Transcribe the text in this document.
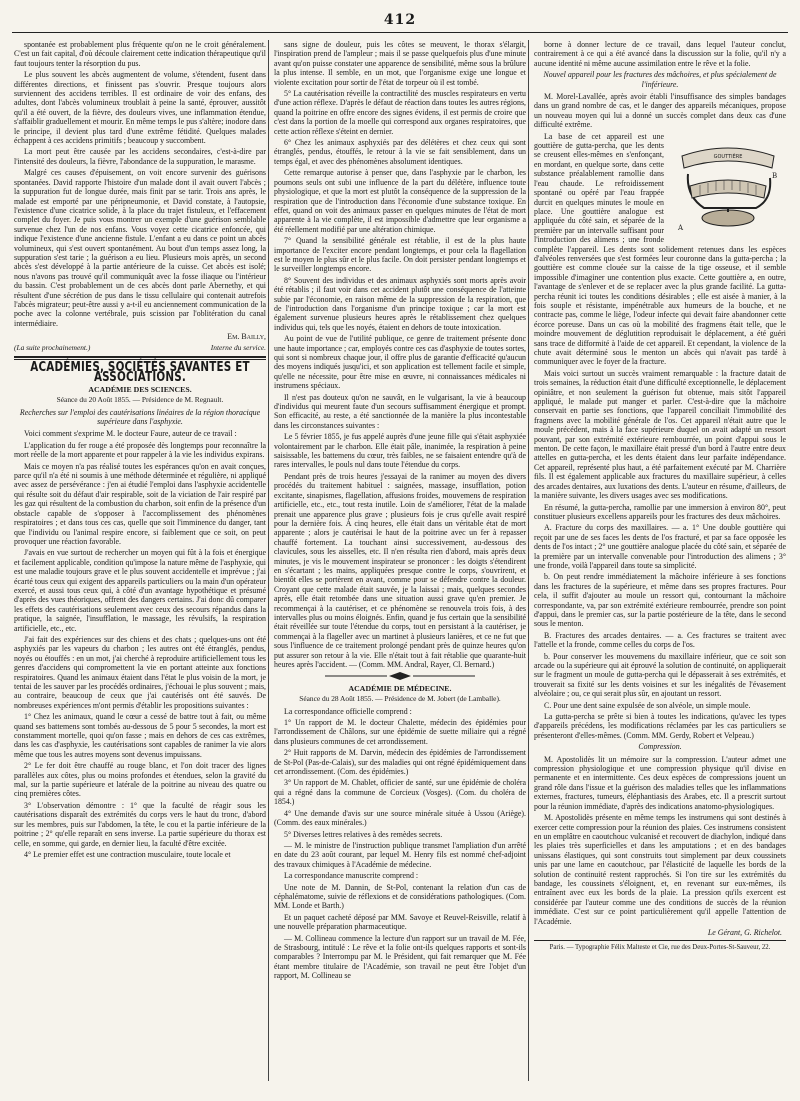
412

spontanée est probablement plus fréquente qu'on ne le croit généralement. C'est un fait capital, d'où découle clairement cette indication thérapeutique qu'il faut toujours tenter la résorption du pus.

Le plus souvent les abcès augmentent de volume, s'étendent, fusent dans différentes directions, et finissent pas s'ouvrir. Presque toujours alors surviennent des accidens terribles. Il est ordinaire de voir des enfans, des adultes, dont l'abcès volumineux troublait à peine la santé, éprouver, aussitôt qu'il a été ouvert, de la fièvre, des douleurs vives, une inflammation étendue, s'affaiblir graduellement et mourir. En même temps le pus s'altère; inodore dans le principe, il devient plus tard d'une extrême fétidité. Quelques malades échappent à ces accidens primitifs ; beaucoup y succombent.

La mort peut être causée par les accidens secondaires, c'est-à-dire par l'intensité des douleurs, la fièvre, l'abondance de la suppuration, le marasme.

Malgré ces causes d'épuisement, on voit encore survenir des guérisons spontanées. David rapporte l'histoire d'un malade dont il avait ouvert l'abcès ; la suppuration fut de longue durée, mais finit par se tarir. Trois ans après, le malade est emporté par une péripneumonie, et David constate, à l'autopsie, l'existence d'une cicatrice solide, à la place du trajet fistuleux, et l'effacement complet du foyer. Je puis vous montrer un exemple d'une guérison semblable survenue chez l'un de nos enfans. Vous voyez cette cicatrice enfoncée, qui indique l'existence d'une ancienne fistule. L'enfant a eu dans ce point un abcès volumineux, qui s'est ouvert spontanément. Au bout d'un temps assez long, la suppuration s'est tarie ; la guérison a eu lieu. Plusieurs mois après, un second abcès s'est développé à la partie antérieure de la cuisse. Cet abcès est isolé; nous n'avons pas trouvé qu'il communiquât avec la fosse iliaque ou l'intérieur du bassin. C'est probablement un de ces abcès dont parle Abernethy, et qui résultent d'une sécrétion de pus dans le tissu cellulaire qui contenait autrefois l'abcès migrateur; peut-être aussi y a-t-il eu anciennement communication de la poche avec la colonne vertébrale, puis scission par l'oblitération du canal intermédiaire.

Em. Bailly,
(La suite prochainement.)	Interne du service.
ACADÉMIES, SOCIÉTÉS SAVANTES ET ASSOCIATIONS.
ACADÉMIE DES SCIENCES.
Séance du 20 Août 1855. — Présidence de M. Regnault.
Recherches sur l'emploi des cautérisations linéaires de la région thoracique supérieure dans l'asphyxie.

Voici comment s'exprime M. le docteur Faure, auteur de ce travail :

L'application du fer rouge a été proposée dès longtemps pour reconnaître la mort réelle de la mort apparente et pour rappeler à la vie les individus expirans.

Mais ce moyen n'a pas réalisé toutes les espérances qu'on en avait conçues, parce qu'il n'a été ni soumis à une méthode déterminée et régulière, ni appliqué avec assez de persévérance : j'en ai étudié l'emploi dans l'asphyxie accidentelle qui résulte soit du défaut d'air respirable, soit de la viciation de l'air respiré par les gaz qui résultent de la combustion du charbon, soit enfin de la présence d'un obstacle capable de s'opposer à l'accomplissement des phénomènes respiratoires ; et dans tous ces cas, quelle que soit l'imminence du danger, tant que l'individu ou l'animal respire encore, si faiblement que ce soit, on peut provoquer une réaction favorable.

J'avais en vue surtout de rechercher un moyen qui fût à la fois et énergique et facilement applicable, condition qu'impose la nature même de l'asphyxie, qui est une maladie toujours grave et le plus souvent accidentelle et imprévue ; j'ai écarté tous ceux qui exigent des appareils particuliers ou la main d'un opérateur exercé, et aussi tous ceux qui, à côté d'un avantage hypothétique et présumé d'après des vues théoriques, offrent des dangers certains. J'ai donc dû comparer les effets des cautérisations seulement avec ceux des secours répandus dans la pratique, la saignée, l'insufflation, le massage, les révulsifs, la respiration artificielle, etc., etc.

J'ai fait des expériences sur des chiens et des chats ; quelques-uns ont été asphyxiés par les vapeurs du charbon ; les autres ont été étranglés, pendus, noyés ou étouffés : en un mot, j'ai cherché à reproduire artificiellement tous les genres d'accidens qui compromettent la vie en portant atteinte aux fonctions respiratoires. Quand les animaux étaient dans l'état le plus voisin de la mort, je tentai de les sauver par les procédés ordinaires, j'échouai le plus souvent ; mais, au contraire, beaucoup de ceux que j'ai cautérisés ont été sauvés. De nombreuses expériences m'ont permis d'établir les propositions suivantes :

1° Chez les animaux, quand le cœur a cessé de battre tout à fait, ou même quand ses battemens sont tombés au-dessous de 5 pour 5 secondes, la mort est constamment mortelle, quoi qu'on fasse ; mais en dehors de ces cas extrêmes, dans les cas d'asphyxie, les cautérisations sont capables de ranimer la vie alors même que tous les autres moyens sont devenus impuissans.

2° Le fer doit être chauffé au rouge blanc, et l'on doit tracer des lignes parallèles aux côtes, plus ou moins profondes et étendues, selon la gravité du mal, sur la partie supérieure et latérale de la poitrine au niveau des quatre ou cinq premières côtes.

3° L'observation démontre : 1° que la faculté de réagir sous les cautérisations disparaît des extrémités du corps vers le haut du tronc, d'abord sur les membres, puis sur l'abdomen, la tête, le cou et la partie inférieure de la poitrine ; 2° qu'elle reparaît en sens inverse. La partie supérieure du thorax est celle, en somme, qui garde, en dernier lieu, la faculté d'être excitée.

4° Le premier effet est une contraction musculaire, toute locale et

sans signe de douleur, puis les côtes se meuvent, le thorax s'élargit, l'inspiration prend de l'ampleur ; mais il se passe quelquefois plus d'une minute avant qu'on puisse constater une apparence de sensibilité, même sous la brûlure la plus intense. Il semble, en un mot, que l'organisme exige une longue et violente excitation pour sortir de l'état de torpeur où il est tombé.

5° La cautérisation réveille la contractilité des muscles respirateurs en vertu d'une action réflexe. D'après le défaut de réaction dans toutes les autres régions, quand la poitrine en offre encore des signes évidens, il est permis de croire que c'est dans la portion de la moelle qui correspond aux organes respiratoires, que cette action réflexe s'éteint en dernier.

6° Chez les animaux asphyxiés par des délétères et chez ceux qui sont étranglés, pendus, étouffés, le retour à la vie se fait sensiblement, dans un temps égal, et avec des phénomènes absolument identiques.

Cette remarque autorise à penser que, dans l'asphyxie par le charbon, les poumons seuls ont subi une influence de la part du délétère, influence toute physiologique, et que la mort est plutôt la conséquence de la suppression de la respiration que de l'introduction dans l'économie d'une substance toxique. En effet, quand on voit des animaux passer en quelques minutes de l'état de mort apparente à la vie complète, il est impossible d'admettre que leur organisme a été réellement modifié par une altération chimique.

7° Quand la sensibilité générale est rétablie, il est de la plus haute importance de l'exciter encore pendant longtemps, et pour cela la flagellation est le moyen le plus sûr et le plus facile. On doit persister pendant longtemps et le surveiller longtemps encore.

8° Souvent des individus et des animaux asphyxiés sont morts après avoir été rétablis ; il faut voir dans cet accident plutôt une conséquence de l'atteinte subie par l'économie, en raison même de la suppression de la respiration, que de l'introduction dans l'organisme d'un principe toxique ; car la mort est également survenue plusieurs heures après le rétablissement chez quelques individus qui, tels que les noyés, étaient en dehors de toute intoxication.

Au point de vue de l'utilité publique, ce genre de traitement présente donc une haute importance ; car, employés contre ces cas d'asphyxie de toutes sortes, qui sont si nombreux chaque jour, il offre plus de garantie d'efficacité qu'aucun des moyens indiqués jusqu'ici, et son application est tellement facile et simple, qu'elle ne nécessite, pour être mise en œuvre, ni connaissances médicales ni instrumens spéciaux.

Il n'est pas douteux qu'on ne sauvât, en le vulgarisant, la vie à beaucoup d'individus qui meurent faute d'un secours suffisamment énergique et prompt. Son efficacité, au reste, a été sanctionnée de la manière la plus incontestable dans les circonstances suivantes :

Le 5 février 1855, je fus appelé auprès d'une jeune fille qui s'était asphyxiée volontairement par le charbon. Elle était pâle, inanimée, la respiration à peine saisissable, les battemens du cœur, très faibles, ne se faisaient entendre qu'à de rares intervalles, le pouls nul dans toute l'étendue du corps.

Pendant près de trois heures j'essayai de la ranimer au moyen des divers procédés du traitement habituel : saignées, massage, insufflation, potion excitante, sinapismes, flagellation, affusions froides, mouvemens de respiration artificielle, etc., etc., tout resta inutile. Loin de s'améliorer, l'état de la malade prenait une apparence plus grave ; plusieurs fois je crus qu'elle avait respiré pour la dernière fois. À cinq heures, elle était dans un véritable état de mort apparente ; alors je cautérisai le haut de la poitrine avec un fer à repasser chauffé fortement. La touchant ainsi successivement, au-dessous des clavicules, sous les aisselles, etc. Il n'en résulta rien d'abord, mais après deux minutes, je vis le mouvement inspirateur se prononcer : les doigts s'étendirent en s'écartant ; les mains, appliquées presque contre le corps, s'ouvrirent, et bientôt elles se portèrent en avant, comme pour se défendre contre la douleur. Croyant que cette malade était sauvée, je la laissai ; mais, quelques secondes après, elle était retombée dans une situation aussi grave qu'en premier. Je recommençai à la cautériser, et ce phénomène se renouvela trois fois, à des intervalles plus ou moins éloignés. Enfin, quand je fus certain que la sensibilité était réveillée sur toute l'étendue du corps, tout en persistant à la cautériser, je commençai à la flageller avec un martinet à plusieurs lanières, et ce ne fut que sous l'influence de ce traitement prolongé pendant près de quinze heures qu'on put assurer son retour à la vie. Elle n'était tout à fait rétablie que quarante-huit heures après l'accident. — (Comm. MM. Andral, Rayer, Cl. Bernard.)

ACADÉMIE DE MÉDECINE.
Séance du 28 Août 1855. — Présidence de M. Jobert (de Lamballe).

La correspondance officielle comprend :

1° Un rapport de M. le docteur Chalette, médecin des épidémies pour l'arrondissement de Châlons, sur une épidémie de suette miliaire qui a régné dans plusieurs communes de cet arrondissement.

2° Huit rapports de M. Darvin, médecin des épidémies de l'arrondissement de St-Pol (Pas-de-Calais), sur des maladies qui ont régné épidémiquement dans cet arrondissement. (Com. des épidémies.)

3° Un rapport de M. Chablet, officier de santé, sur une épidémie de choléra qui a régné dans la commune de Corcieux (Vosges). (Com. du choléra de 1854.)

4° Une demande d'avis sur une source minérale située à Ussou (Ariège). (Comm. des eaux minérales.)

5° Diverses lettres relatives à des remèdes secrets.

— M. le ministre de l'instruction publique transmet l'ampliation d'un arrêté en date du 23 août courant, par lequel M. Henry fils est nommé chef-adjoint des travaux chimiques à l'Académie de médecine.

La correspondance manuscrite comprend :

Une note de M. Dannin, de St-Pol, contenant la relation d'un cas de céphalématome, suivie de réflexions et de considérations pathologiques. (Com. MM. Londe et Barth.)

Et un paquet cacheté déposé par MM. Savoye et Reuvel-Reisville, relatif à une nouvelle préparation pharmaceutique.

— M. Collineau commence la lecture d'un rapport sur un travail de M. Fée, de Strasbourg, intitulé : Le rêve et la folie ont-ils quelques rapports et sont-ils comparables ? Interrompu par M. le Président, qui fait remarquer que M. Fée étant membre titulaire de l'Académie, son travail ne peut être l'objet d'un rapport, M. Collineau se

borne à donner lecture de ce travail, dans lequel l'auteur conclut, contrairement à ce qui a été avancé dans la discussion sur la folie, qu'il n'y a aucune identité ni même aucune assimilation entre le rêve et la folie.

Nouvel appareil pour les fractures des mâchoires, et plus spécialement de l'inférieure.

M. Morel-Lavallée, après avoir établi l'insuffisance des simples bandages dans un grand nombre de cas, et le danger des appareils mécaniques, propose un nouveau moyen qui lui a donné un succès complet dans deux cas d'une difficulté extrême.

GOUTTIÈRE
A
B

La base de cet appareil est une gouttière de gutta-percha, que les dents se creusent elles-mêmes en s'enfonçant, en mordant, en quelque sorte, dans cette substance préalablement ramollie dans l'eau chaude. Le refroidissement spontané ou opéré par l'eau frappée durcit en quelques minutes le moule en place. Une gouttière analogue est appliquée du côté sain, et séparée de la première par un intervalle suffisant pour l'introduction des alimens ; une fronde complète l'appareil. Les dents sont solidement retenues dans les espèces d'alvéoles renversées que s'est formées leur couronne dans la gutta-percha ; la gouttière est comme clouée sur la caisse de la tige osseuse, et il semble impossible d'imaginer une contention plus exacte. Cette gouttière a, en outre, l'avantage de s'enlever et de se replacer avec la plus grande facilité. La gutta-percha réunit ici toutes les conditions désirables ; elle est aisée à manier, à la fois souple et résistante, impénétrable aux humeurs de la bouche, et ne contracte pas, comme le liège, l'odeur infecte qui devait faire abandonner cette écorce poreuse. Dans un cas où la mobilité des fragmens était telle, que le moindre mouvement de déglutition reproduisait le déplacement, a été guéri sans trace de difformité à l'aide de cet appareil. Et cependant, la violence de la chute avait déterminé sous le menton un abcès qui n'avait pas tardé à communiquer avec le foyer de la fracture.

Mais voici surtout un succès vraiment remarquable : la fracture datait de trois semaines, la réduction était d'une difficulté exceptionnelle, le déplacement opiniâtre, et non seulement la guérison fut obtenue, mais sitôt l'appareil appliqué, le malade put manger et parler. C'est-à-dire que la mâchoire conservait en partie ses fonctions, que l'appareil conciliait l'immobilité des fragmens avec la mobilité générale de l'os. Cet appareil n'était autre que le moule précédent, mais à la face supérieure duquel on avait adapté un ressort pouvant, par son extrémité extérieure rembourrée, un point d'appui sous le menton. De cette façon, le maxillaire était pressé d'un bord à l'autre entre deux attelles en gutta-percha, et les dents étaient dans leur parfaite indépendance. Cet appareil, représenté plus haut, a été parfaitement exécuté par M. Charrière fils. Il est également applicable aux fractures du maxillaire supérieur, à celles des arcades dentaires, aux luxations des dents. L'auteur en résume, d'ailleurs, de la manière suivante, les divers usages avec ses modifications.

En résumé, la gutta-percha, ramollie par une immersion à environ 80°, peut constituer plusieurs excellens appareils pour les fractures des deux mâchoires.

A. Fracture du corps des maxillaires. — a. 1° Une double gouttière qui reçoit par une de ses faces les dents de l'os fracturé, et par sa face opposée les dents de l'os intact ; 2° une gouttière analogue placée du côté sain, et séparée de la première par un intervalle convenable pour l'introduction des alimens ; 3° une fronde, voilà l'appareil dans toute sa simplicité.

b. On peut rendre immédiatement la mâchoire inférieure à ses fonctions dans les fractures de la supérieure, et même dans ses propres fractures. Pour cela, il suffit d'ajouter au moule un ressort qui, contournant la mâchoire correspondante, va, par son extrémité extérieure rembourrée, prendre son point d'appui, dans le premier cas, sur la partie postérieure de la tête, dans le second sous le menton.

B. Fractures des arcades dentaires. — a. Ces fractures se traitent avec l'attelle et la fronde, comme celles du corps de l'os.

b. Pour conserver les mouvemens du maxillaire inférieur, que ce soit son arcade ou la supérieure qui ait éprouvé la solution de continuité, on appliquerait sur le fragment un moule de gutta-percha qui le dépasserait à ses extrémités, et trouverait sa fixité sur les dents voisines et sur les inégalités de l'évasement alvéolaire ; ou, ce qui serait plus sûr, en ajoutant un ressort.

C. Pour une dent saine expulsée de son alvéole, un simple moule.

La gutta-percha se prête si bien à toutes les indications, qu'avec les types d'appareils précédens, les modifications réclamées par les cas particuliers se présenteront d'elles-mêmes. (Comm. MM. Gerdy, Robert et Velpeau.)

Compression.

M. Apostolidès lit un mémoire sur la compression. L'auteur admet une compression physiologique et une compression physique qu'il divise en permanente et en intermittente. Ces deux espèces de compressions jouent un grand rôle dans l'issue et la guérison des maladies telles que les inflammations externes, fractures, tumeurs, éléphantiasis des Arabes, etc. Il a prescrit surtout pour la réunion immédiate, d'après des indications anatomo-physiologiques.

M. Apostolidès présente en même temps les instrumens qui sont destinés à exercer cette compression pour la réunion des plaies. Ces instrumens consistent en un emplâtre en caoutchouc vulcanisé et recouvert de diachylon, indiqué dans les plaies très superficielles et dans les amputations ; et en des bandages unissans élastiques, qui sont construits tout simplement par deux coussinets unis par une lame en caoutchouc, par l'élasticité de laquelle les bords de la solution de continuité restent rapprochés. Si l'on tire sur les extrémités du bandage, les coussinets s'éloignent, et, en revenant sur eux-mêmes, ils entraînent avec eux les bords de la plaie. La pression qu'ils exercent est considérée par l'auteur comme une des conditions de succès de la réunion immédiate. C'est sur ce point particulièrement qu'il appelle l'attention de l'Académie.

Le Gérant, G. Richelot.
Paris. — Typographie Félix Malteste et Cie, rue des Deux-Portes-St-Sauveur, 22.
